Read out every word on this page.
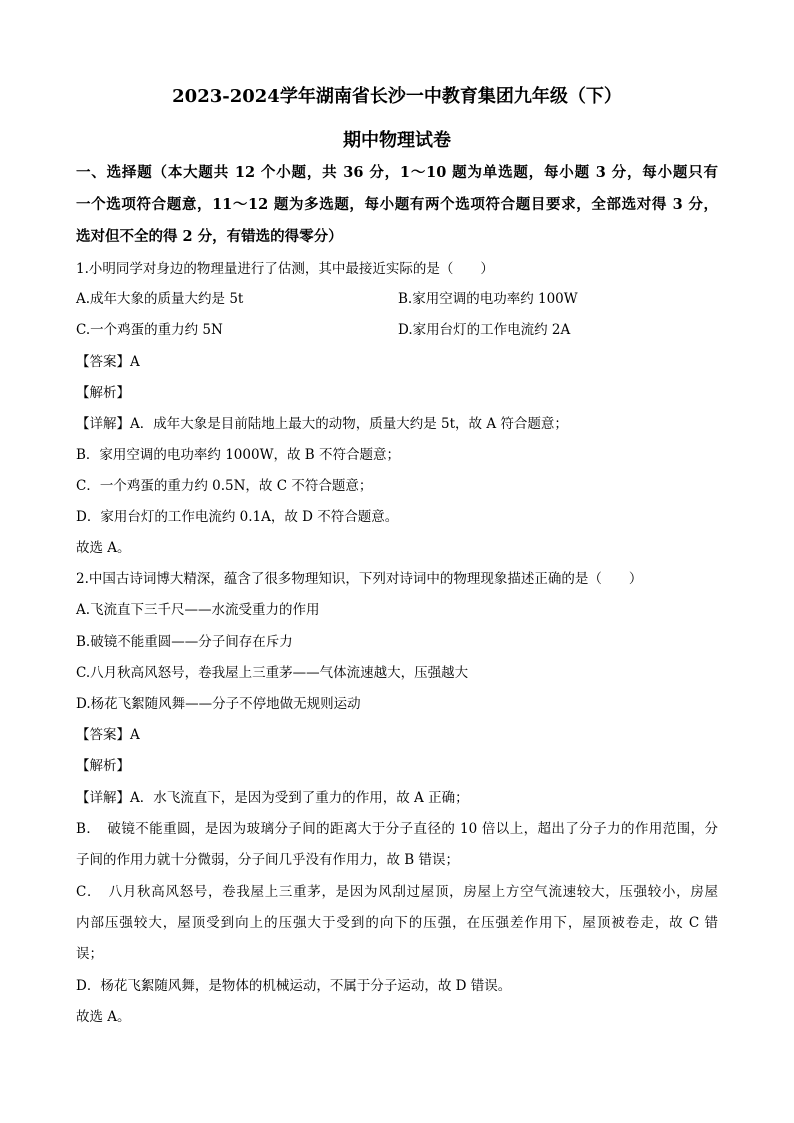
2023-2024学年湖南省长沙一中教育集团九年级（下）
期中物理试卷
一、选择题（本大题共 12 个小题，共 36 分，1～10 题为单选题，每小题 3 分，每小题只有
一个选项符合题意，11～12 题为多选题，每小题有两个选项符合题目要求，全部选对得 3 分，
选对但不全的得 2 分，有错选的得零分）
1.小明同学对身边的物理量进行了估测，其中最接近实际的是（　　）
A.成年大象的质量大约是 5t	B.家用空调的电功率约 100W
C.一个鸡蛋的重力约 5N	D.家用台灯的工作电流约 2A
【答案】A
【解析】
【详解】A．成年大象是目前陆地上最大的动物，质量大约是 5t，故 A 符合题意；
B．家用空调的电功率约 1000W，故 B 不符合题意；
C．一个鸡蛋的重力约 0.5N，故 C 不符合题意；
D．家用台灯的工作电流约 0.1A，故 D 不符合题意。
故选 A。
2.中国古诗词博大精深，蕴含了很多物理知识，下列对诗词中的物理现象描述正确的是（　　）
A.飞流直下三千尺——水流受重力的作用
B.破镜不能重圆——分子间存在斥力
C.八月秋高风怒号，卷我屋上三重茅——气体流速越大，压强越大
D.杨花飞絮随风舞——分子不停地做无规则运动
【答案】A
【解析】
【详解】A．水飞流直下，是因为受到了重力的作用，故 A 正确；
B．　破镜不能重圆，是因为玻璃分子间的距离大于分子直径的 10 倍以上，超出了分子力的作用范围，分
子间的作用力就十分微弱，分子间几乎没有作用力，故 B 错误；
C．　八月秋高风怒号，卷我屋上三重茅，是因为风刮过屋顶，房屋上方空气流速较大，压强较小，房屋
内部压强较大，屋顶受到向上的压强大于受到的向下的压强，在压强差作用下，屋顶被卷走，故 C 错
误；
D．杨花飞絮随风舞，是物体的机械运动，不属于分子运动，故 D 错误。
故选 A。
